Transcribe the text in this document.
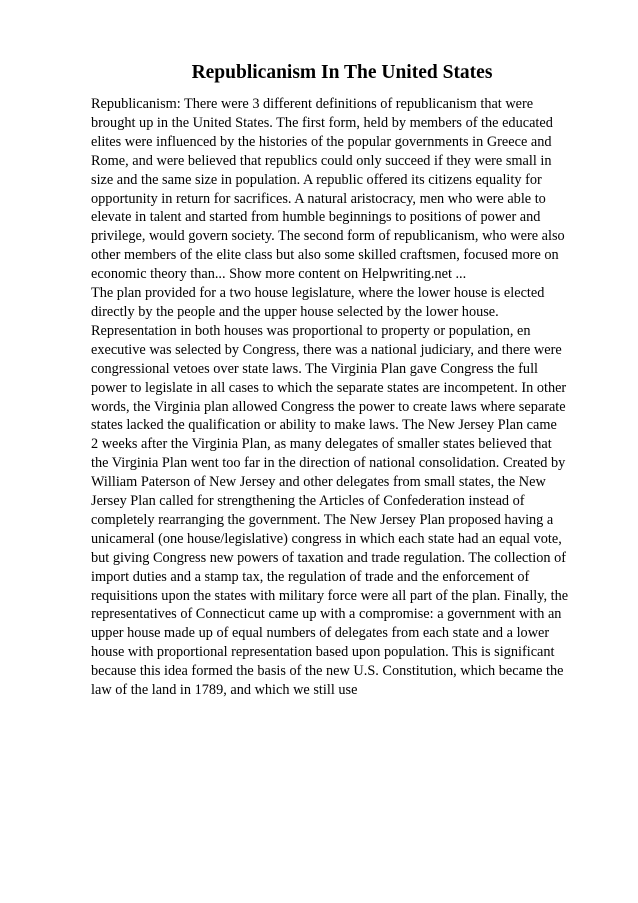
Republicanism In The United States
Republicanism: There were 3 different definitions of republicanism that were
brought up in the United States. The first form, held by members of the educated
elites were influenced by the histories of the popular governments in Greece and
Rome, and were believed that republics could only succeed if they were small in
size and the same size in population. A republic offered its citizens equality for
opportunity in return for sacrifices. A natural aristocracy, men who were able to
elevate in talent and started from humble beginnings to positions of power and
privilege, would govern society. The second form of republicanism, who were also
other members of the elite class but also some skilled craftsmen, focused more on
economic theory than... Show more content on Helpwriting.net ...
The plan provided for a two house legislature, where the lower house is elected
directly by the people and the upper house selected by the lower house.
Representation in both houses was proportional to property or population, en
executive was selected by Congress, there was a national judiciary, and there were
congressional vetoes over state laws. The Virginia Plan gave Congress the full
power to legislate in all cases to which the separate states are incompetent. In other
words, the Virginia plan allowed Congress the power to create laws where separate
states lacked the qualification or ability to make laws. The New Jersey Plan came
2 weeks after the Virginia Plan, as many delegates of smaller states believed that
the Virginia Plan went too far in the direction of national consolidation. Created by
William Paterson of New Jersey and other delegates from small states, the New
Jersey Plan called for strengthening the Articles of Confederation instead of
completely rearranging the government. The New Jersey Plan proposed having a
unicameral (one house/legislative) congress in which each state had an equal vote,
but giving Congress new powers of taxation and trade regulation. The collection of
import duties and a stamp tax, the regulation of trade and the enforcement of
requisitions upon the states with military force were all part of the plan. Finally, the
representatives of Connecticut came up with a compromise: a government with an
upper house made up of equal numbers of delegates from each state and a lower
house with proportional representation based upon population. This is significant
because this idea formed the basis of the new U.S. Constitution, which became the
law of the land in 1789, and which we still use
